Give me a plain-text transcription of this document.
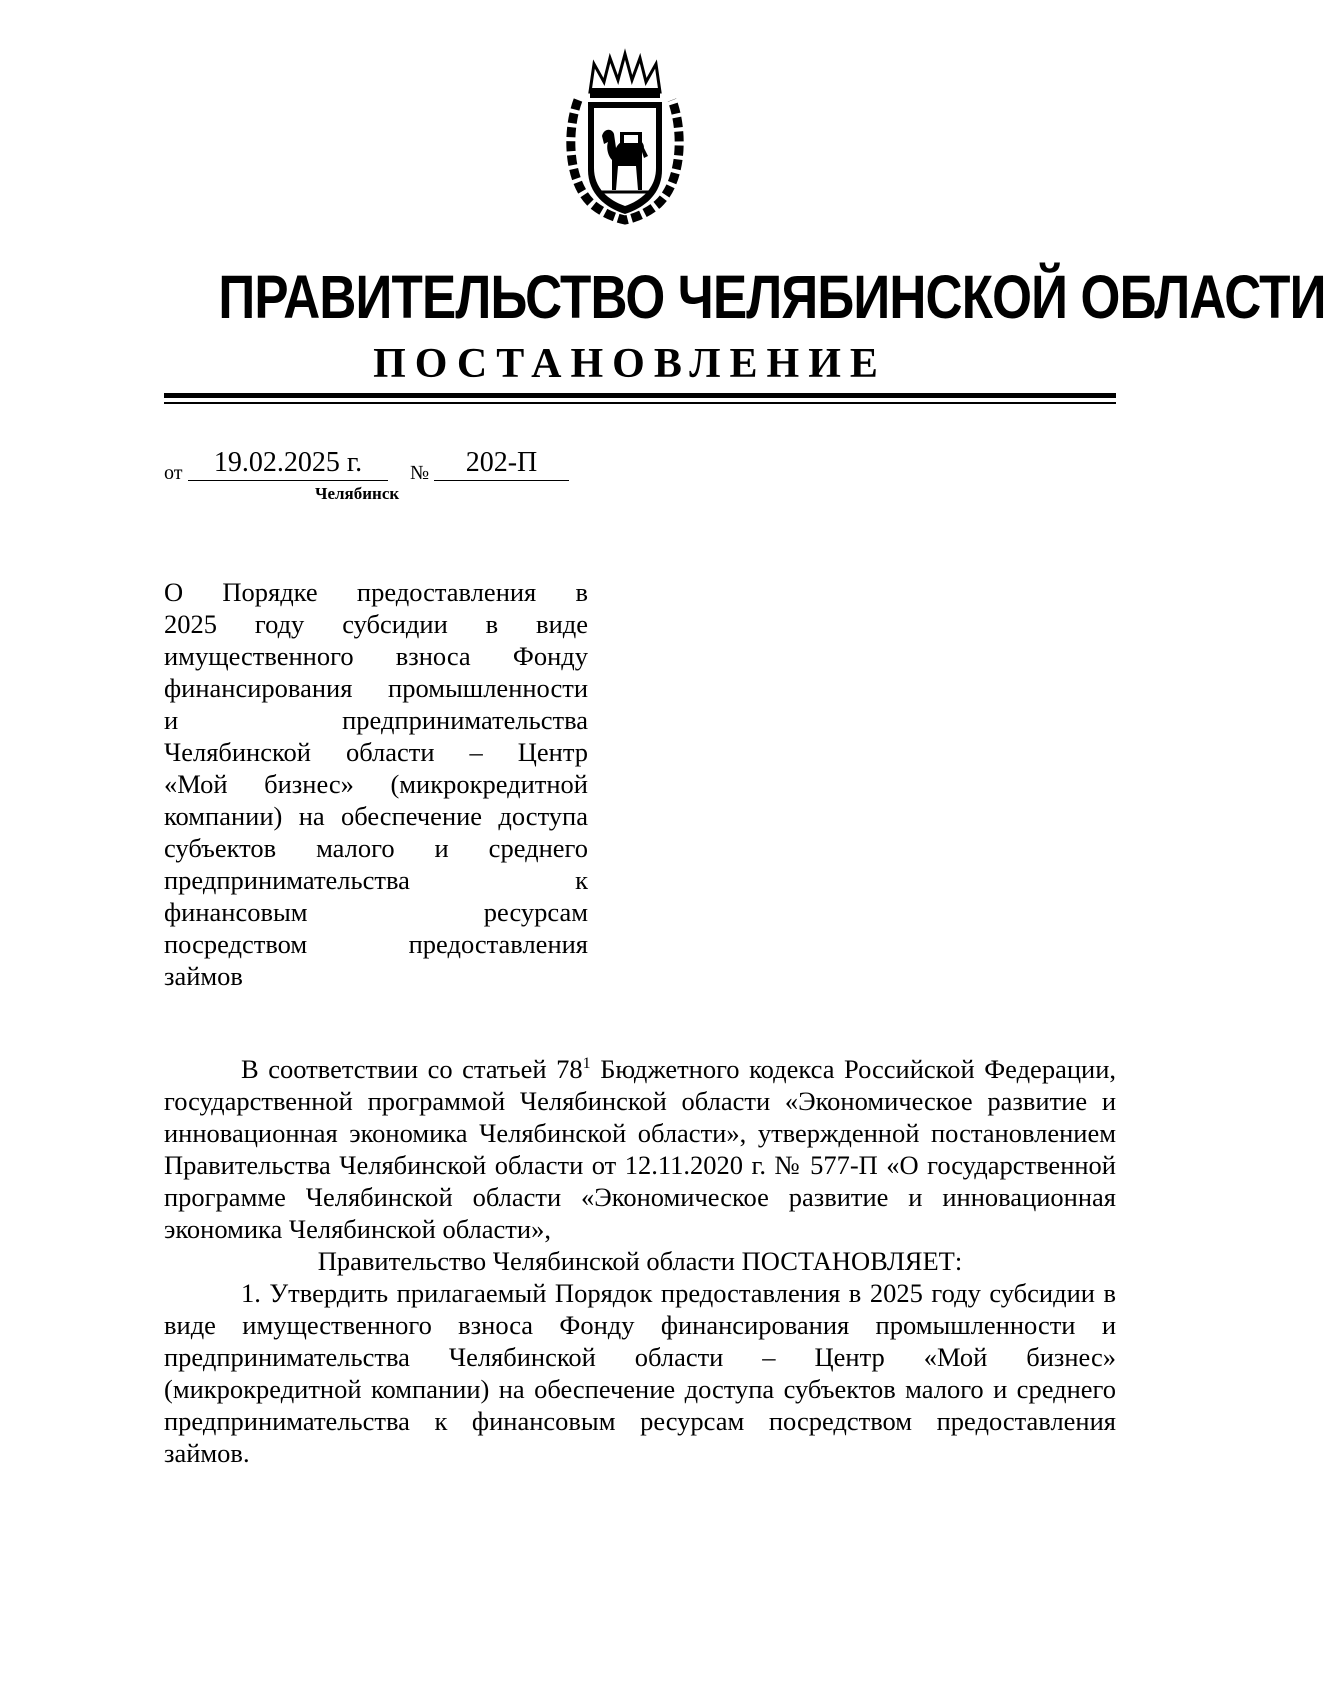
ПРАВИТЕЛЬСТВО ЧЕЛЯБИНСКОЙ ОБЛАСТИ
ПОСТАНОВЛЕНИЕ
от	19.02.2025 г.	№	202-П
Челябинск
О Порядке предоставления в
2025 году субсидии в виде
имущественного взноса Фонду
финансирования промышленности
и предпринимательства
Челябинской области – Центр
«Мой бизнес» (микрокредитной
компании) на обеспечение доступа
субъектов малого и среднего
предпринимательства к
финансовым ресурсам
посредством предоставления
займов

В соответствии со статьей $78^1$ Бюджетного кодекса Российской Федерации, государственной программой Челябинской области «Экономическое развитие и инновационная экономика Челябинской области», утвержденной постановлением Правительства Челябинской области от 12.11.2020 г. № 577-П «О государственной программе Челябинской области «Экономическое развитие и инновационная экономика Челябинской области»,

Правительство Челябинской области ПОСТАНОВЛЯЕТ:

1. Утвердить прилагаемый Порядок предоставления в 2025 году субсидии в виде имущественного взноса Фонду финансирования промышленности и предпринимательства Челябинской области – Центр «Мой бизнес» (микрокредитной компании) на обеспечение доступа субъектов малого и среднего предпринимательства к финансовым ресурсам посредством предоставления займов.
